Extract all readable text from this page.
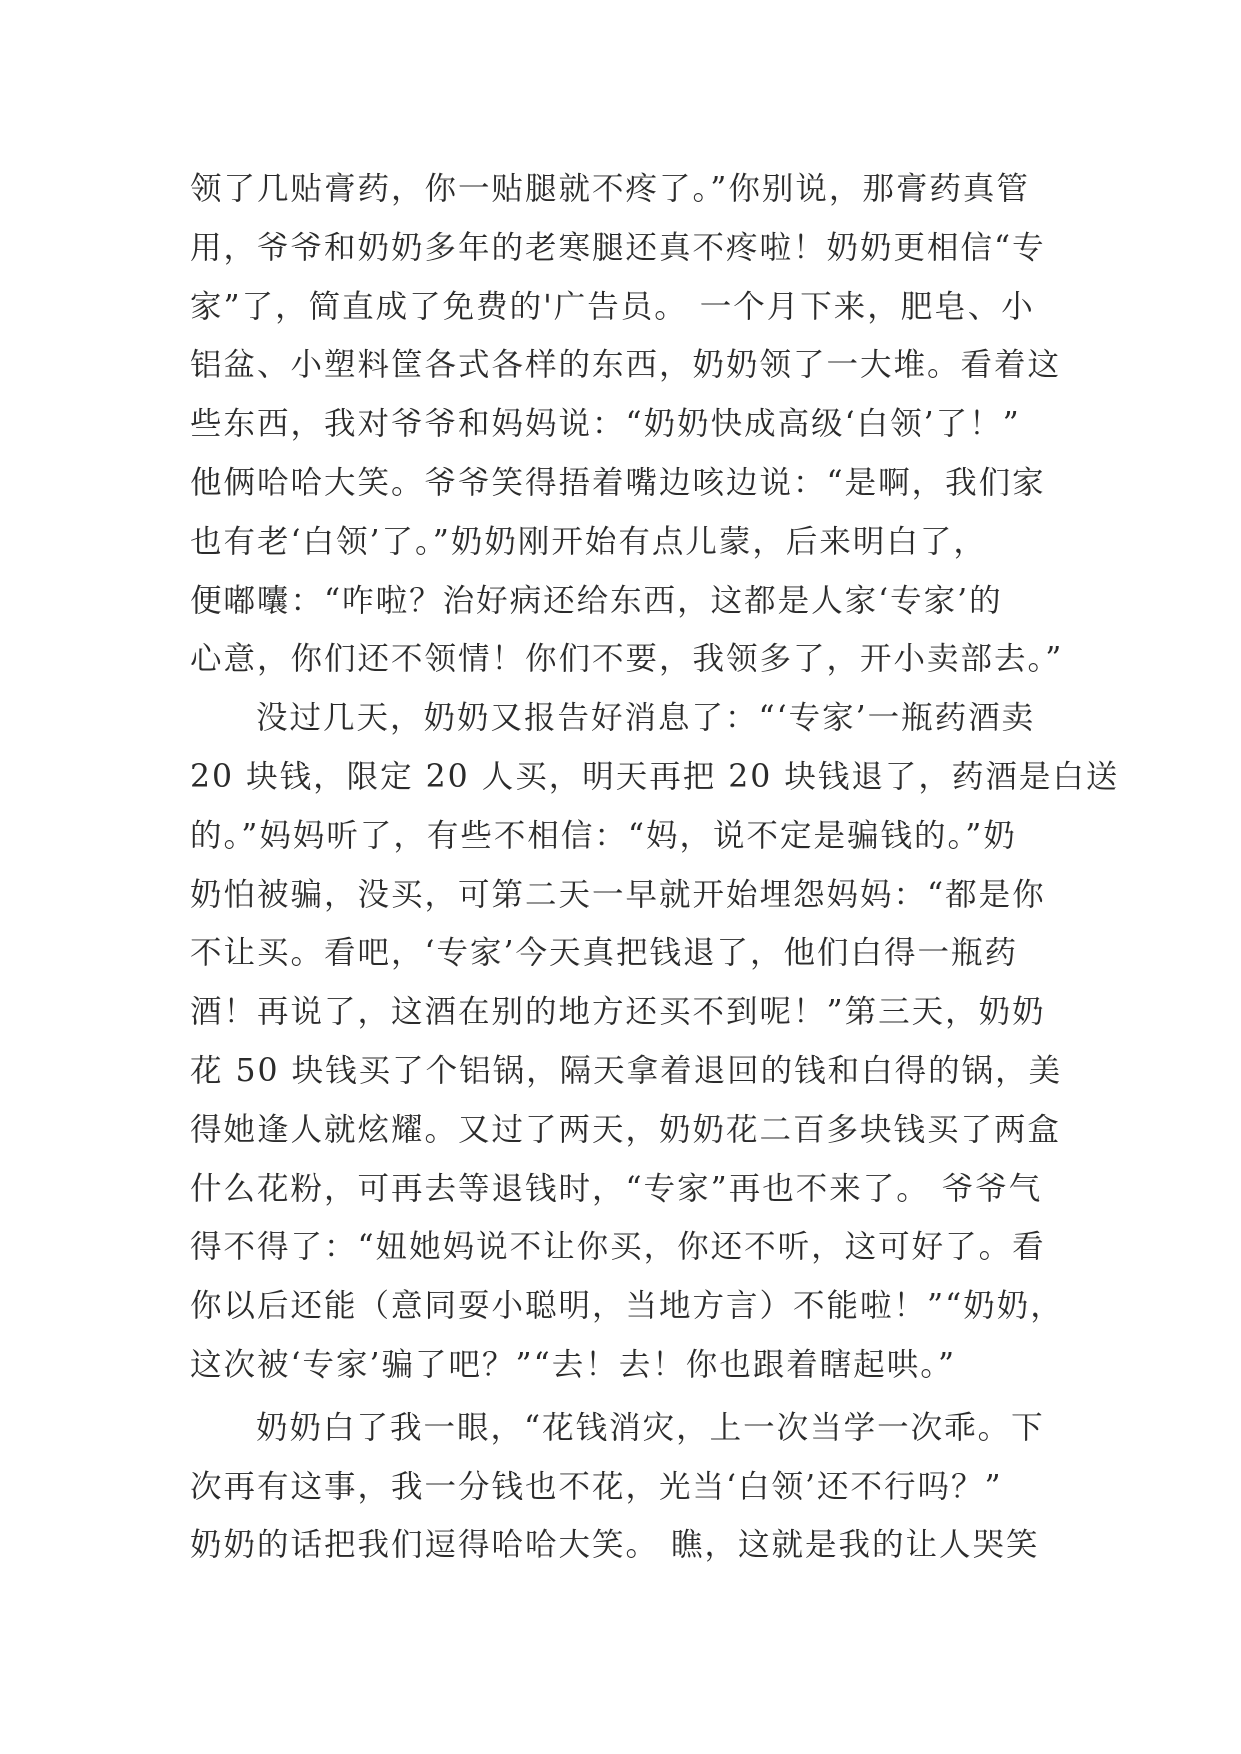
领了几贴膏药，你一贴腿就不疼了。”你别说，那膏药真管
用，爷爷和奶奶多年的老寒腿还真不疼啦！奶奶更相信“专
家”了，简直成了免费的'广告员。 一个月下来，肥皂、小
铝盆、小塑料筐各式各样的东西，奶奶领了一大堆。看着这
些东西，我对爷爷和妈妈说：“奶奶快成高级‘白领’了！”
他俩哈哈大笑。爷爷笑得捂着嘴边咳边说：“是啊，我们家
也有老‘白领’了。”奶奶刚开始有点儿蒙，后来明白了，
便嘟囔：“咋啦？治好病还给东西，这都是人家‘专家’的
心意，你们还不领情！你们不要，我领多了，开小卖部去。”
没过几天，奶奶又报告好消息了：“‘专家’一瓶药酒卖
20 块钱，限定 20 人买，明天再把 20 块钱退了，药酒是白送
的。”妈妈听了，有些不相信：“妈，说不定是骗钱的。”奶
奶怕被骗，没买，可第二天一早就开始埋怨妈妈：“都是你
不让买。看吧，‘专家’今天真把钱退了，他们白得一瓶药
酒！再说了，这酒在别的地方还买不到呢！”第三天，奶奶
花 50 块钱买了个铝锅，隔天拿着退回的钱和白得的锅，美
得她逢人就炫耀。又过了两天，奶奶花二百多块钱买了两盒
什么花粉，可再去等退钱时，“专家”再也不来了。 爷爷气
得不得了：“妞她妈说不让你买，你还不听，这可好了。看
你以后还能（意同耍小聪明，当地方言）不能啦！”“奶奶，
这次被‘专家’骗了吧？”“去！去！你也跟着瞎起哄。”
奶奶白了我一眼，“花钱消灾，上一次当学一次乖。下
次再有这事，我一分钱也不花，光当‘白领’还不行吗？”
奶奶的话把我们逗得哈哈大笑。 瞧，这就是我的让人哭笑
